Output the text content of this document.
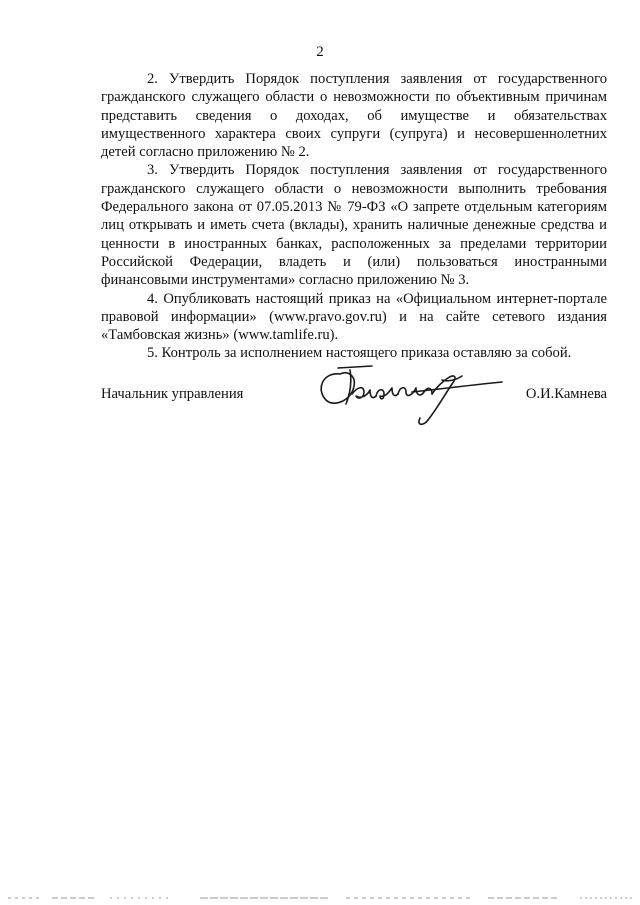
2

2. Утвердить Порядок поступления заявления от государственного гражданского служащего области о невозможности по объективным причинам представить сведения о доходах, об имуществе и обязательствах имущественного характера своих супруги (супруга) и несовершеннолетних детей согласно приложению № 2.

3. Утвердить Порядок поступления заявления от государственного гражданского служащего области о невозможности выполнить требования Федерального закона от 07.05.2013 № 79-ФЗ «О запрете отдельным категориям лиц открывать и иметь счета (вклады), хранить наличные денежные средства и ценности в иностранных банках, расположенных за пределами территории Российской Федерации, владеть и (или) пользоваться иностранными финансовыми инструментами» согласно приложению № 3.

4. Опубликовать настоящий приказ на «Официальном интернет-портале правовой информации» (www.pravo.gov.ru) и на сайте сетевого издания «Тамбовская жизнь» (www.tamlife.ru).

5. Контроль за исполнением настоящего приказа оставляю за собой.

Начальник управления	О.И.Камнева
